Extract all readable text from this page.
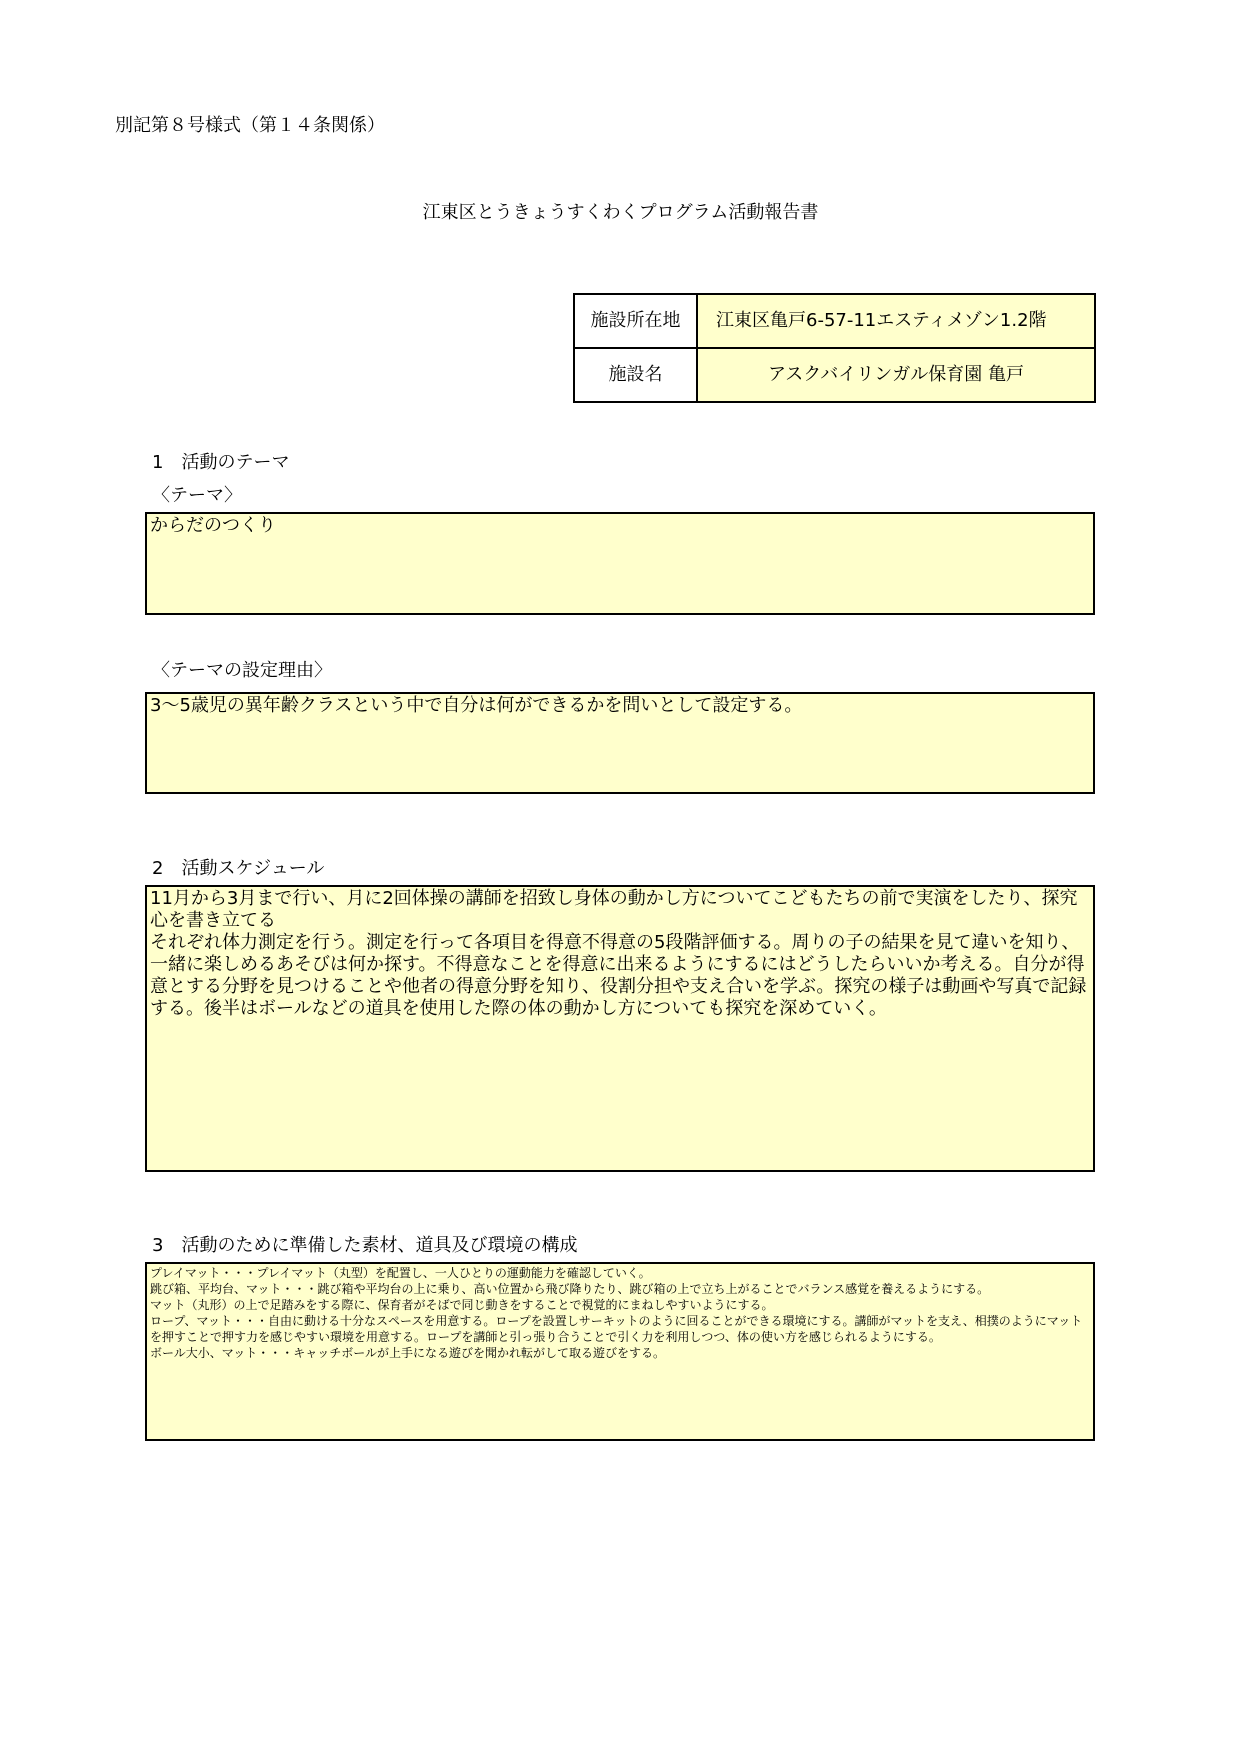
別記第８号様式（第１４条関係）
江東区とうきょうすくわくプログラム活動報告書
施設所在地	江東区亀戸6-57-11エスティメゾン1.2階
施設名	アスクバイリンガル保育園 亀戸
1　活動のテーマ
〈テーマ〉
からだのつくり
〈テーマの設定理由〉
3～5歳児の異年齢クラスという中で自分は何ができるかを問いとして設定する。
2　活動スケジュール
11月から3月まで行い、月に2回体操の講師を招致し身体の動かし方についてこどもたちの前で実演をしたり、探究心を書き立てる
それぞれ体力測定を行う。測定を行って各項目を得意不得意の5段階評価する。周りの子の結果を見て違いを知り、一緒に楽しめるあそびは何か探す。不得意なことを得意に出来るようにするにはどうしたらいいか考える。自分が得意とする分野を見つけることや他者の得意分野を知り、役割分担や支え合いを学ぶ。探究の様子は動画や写真で記録する。後半はボールなどの道具を使用した際の体の動かし方についても探究を深めていく。
3　活動のために準備した素材、道具及び環境の構成
プレイマット・・・プレイマット（丸型）を配置し、一人ひとりの運動能力を確認していく。
跳び箱、平均台、マット・・・跳び箱や平均台の上に乗り、高い位置から飛び降りたり、跳び箱の上で立ち上がることでバランス感覚を養えるようにする。
マット（丸形）の上で足踏みをする際に、保育者がそばで同じ動きをすることで視覚的にまねしやすいようにする。
ロープ、マット・・・自由に動ける十分なスペースを用意する。ロープを設置しサーキットのように回ることができる環境にする。講師がマットを支え、相撲のようにマットを押すことで押す力を感じやすい環境を用意する。ロープを講師と引っ張り合うことで引く力を利用しつつ、体の使い方を感じられるようにする。
ボール大小、マット・・・キャッチボールが上手になる遊びを聞かれ転がして取る遊びをする。
